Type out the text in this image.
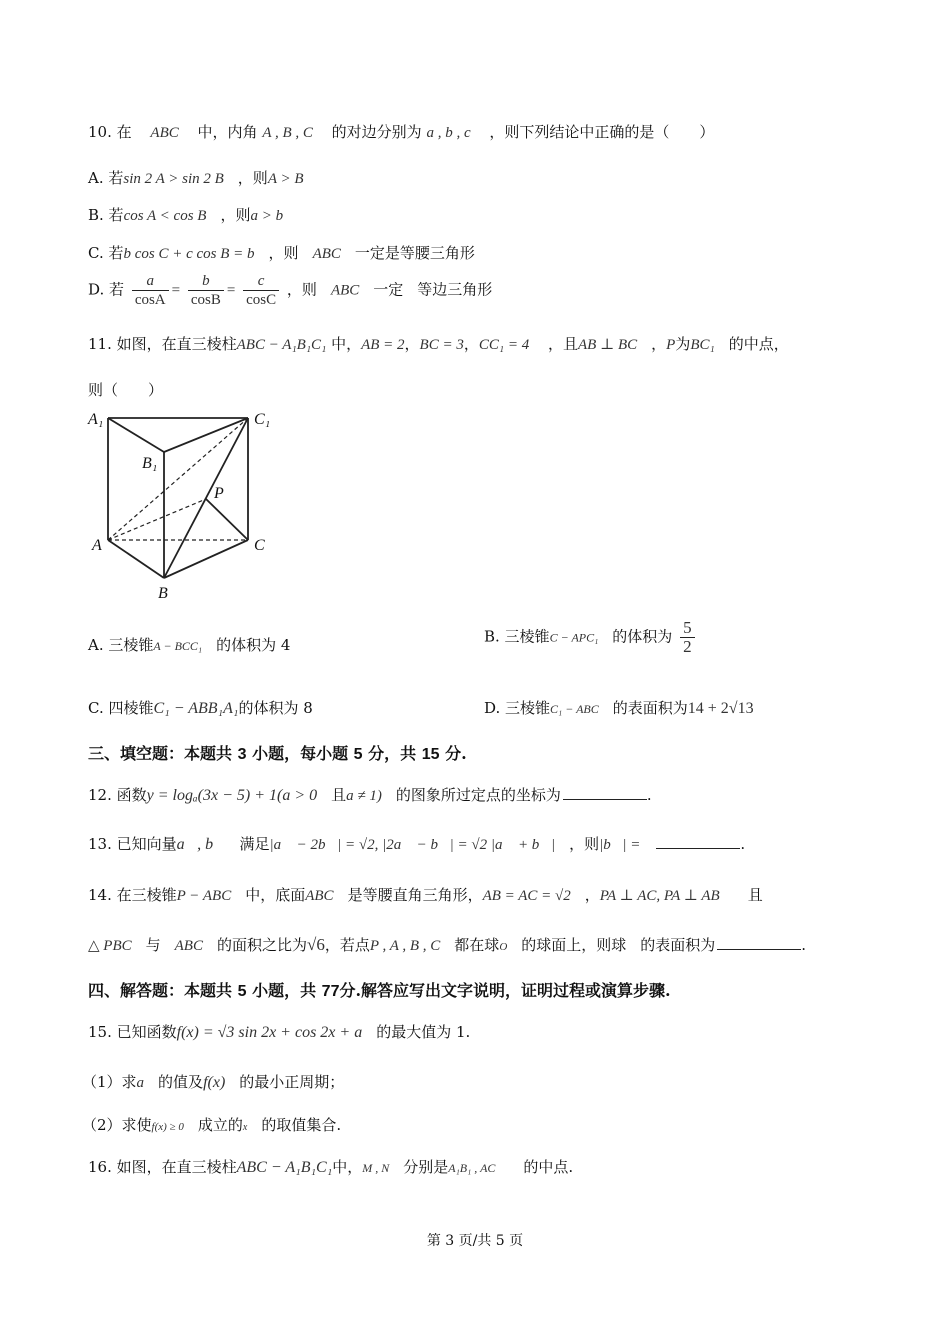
10. 在 ABC 中，内角 A , B , C 的对边分别为 a , b , c ，则下列结论中正确的是（　　）
A. 若sin 2 A > sin 2 B ，则A > B
B. 若cos A < cos B ，则a > b
C. 若b cos C + c cos B = b ，则 ABC 一定是等腰三角形
D. 若 $\frac{a}{\cos A} = \frac{b}{\cos B} = \frac{c}{\cos C}$ ，则 ABC 一定 等边三角形
11. 如图，在直三棱柱ABC − A₁B₁C₁ 中，AB = 2，BC = 3，CC₁ = 4 ，且AB ⊥ BC ，P为BC₁ 的中点，
则（　　）
A₁	C₁
B₁
P
A	C
B
A. 三棱锥A − BCC₁ 的体积为 4	B. 三棱锥C − APC₁ 的体积为 $\frac{5}{2}$
C. 四棱锥C₁ − ABB₁A₁的体积为 8	D. 三棱锥C₁ − ABC 的表面积为14 + 2√13
三、填空题：本题共 3 小题，每小题 5 分，共 15 分.
12. 函数y = logₐ(3x − 5) + 1(a > 0 且a ≠ 1) 的图象所过定点的坐标为	.
13. 已知向量a⃗, b⃗ 满足|a⃗ − 2b⃗| = √2, |2a⃗ − b⃗| = √2 |a⃗ + b⃗| ，则|b⃗| =	.
14. 在三棱锥P − ABC 中，底面ABC 是等腰直角三角形，AB = AC = √2 ，PA ⊥ AC, PA ⊥ AB 且
△ PBC 与 ABC 的面积之比为√6，若点P , A , B , C 都在球O 的球面上，则球 的表面积为	.
四、解答题：本题共 5 小题，共 77分.解答应写出文字说明，证明过程或演算步骤.
15. 已知函数f(x) = √3 sin 2x + cos 2x + a 的最大值为 1.
（1）求a 的值及f(x) 的最小正周期；
（2）求使f(x) ≥ 0 成立的x 的取值集合.
16. 如图，在直三棱柱ABC − A₁B₁C₁中，M , N 分别是A₁B₁ , AC 的中点.
第 3 页/共 5 页
